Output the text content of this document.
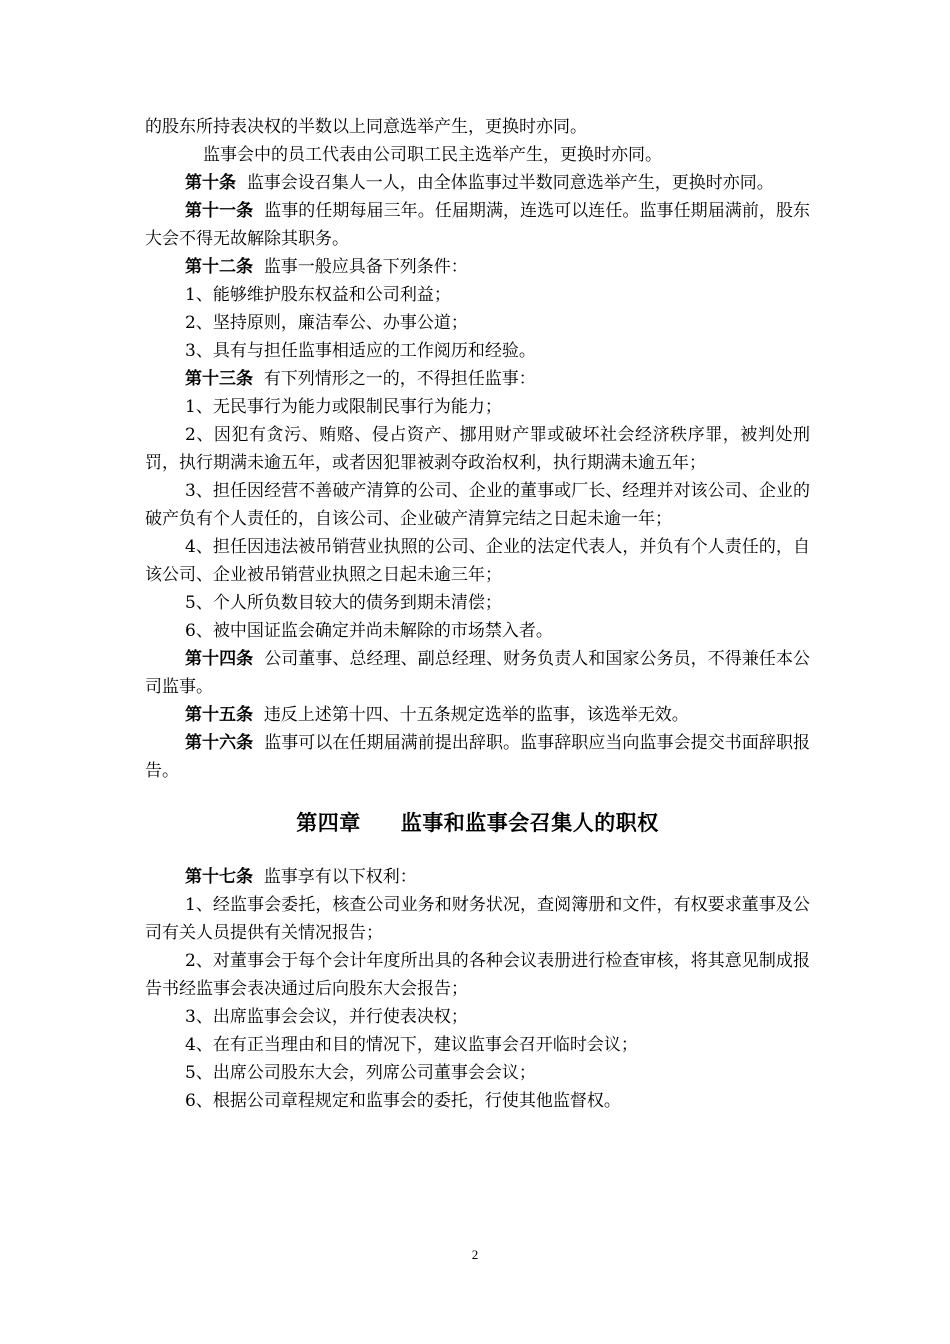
的股东所持表决权的半数以上同意选举产生，更换时亦同。

监事会中的员工代表由公司职工民主选举产生，更换时亦同。

第十条 监事会设召集人一人，由全体监事过半数同意选举产生，更换时亦同。

第十一条 监事的任期每届三年。任届期满，连选可以连任。监事任期届满前，股东大会不得无故解除其职务。

第十二条 监事一般应具备下列条件：

1、能够维护股东权益和公司利益；

2、坚持原则，廉洁奉公、办事公道；

3、具有与担任监事相适应的工作阅历和经验。

第十三条 有下列情形之一的，不得担任监事：

1、无民事行为能力或限制民事行为能力；

2、因犯有贪污、贿赂、侵占资产、挪用财产罪或破坏社会经济秩序罪，被判处刑罚，执行期满未逾五年，或者因犯罪被剥夺政治权利，执行期满未逾五年；

3、担任因经营不善破产清算的公司、企业的董事或厂长、经理并对该公司、企业的破产负有个人责任的，自该公司、企业破产清算完结之日起未逾一年；

4、担任因违法被吊销营业执照的公司、企业的法定代表人，并负有个人责任的，自该公司、企业被吊销营业执照之日起未逾三年；

5、个人所负数目较大的债务到期未清偿；

6、被中国证监会确定并尚未解除的市场禁入者。

第十四条 公司董事、总经理、副总经理、财务负责人和国家公务员，不得兼任本公司监事。

第十五条 违反上述第十四、十五条规定选举的监事，该选举无效。

第十六条 监事可以在任期届满前提出辞职。监事辞职应当向监事会提交书面辞职报告。

第四章 监事和监事会召集人的职权

第十七条 监事享有以下权利：

1、经监事会委托，核查公司业务和财务状况，查阅簿册和文件，有权要求董事及公司有关人员提供有关情况报告；

2、对董事会于每个会计年度所出具的各种会议表册进行检查审核，将其意见制成报告书经监事会表决通过后向股东大会报告；

3、出席监事会会议，并行使表决权；

4、在有正当理由和目的情况下，建议监事会召开临时会议；

5、出席公司股东大会，列席公司董事会会议；

6、根据公司章程规定和监事会的委托，行使其他监督权。

2
